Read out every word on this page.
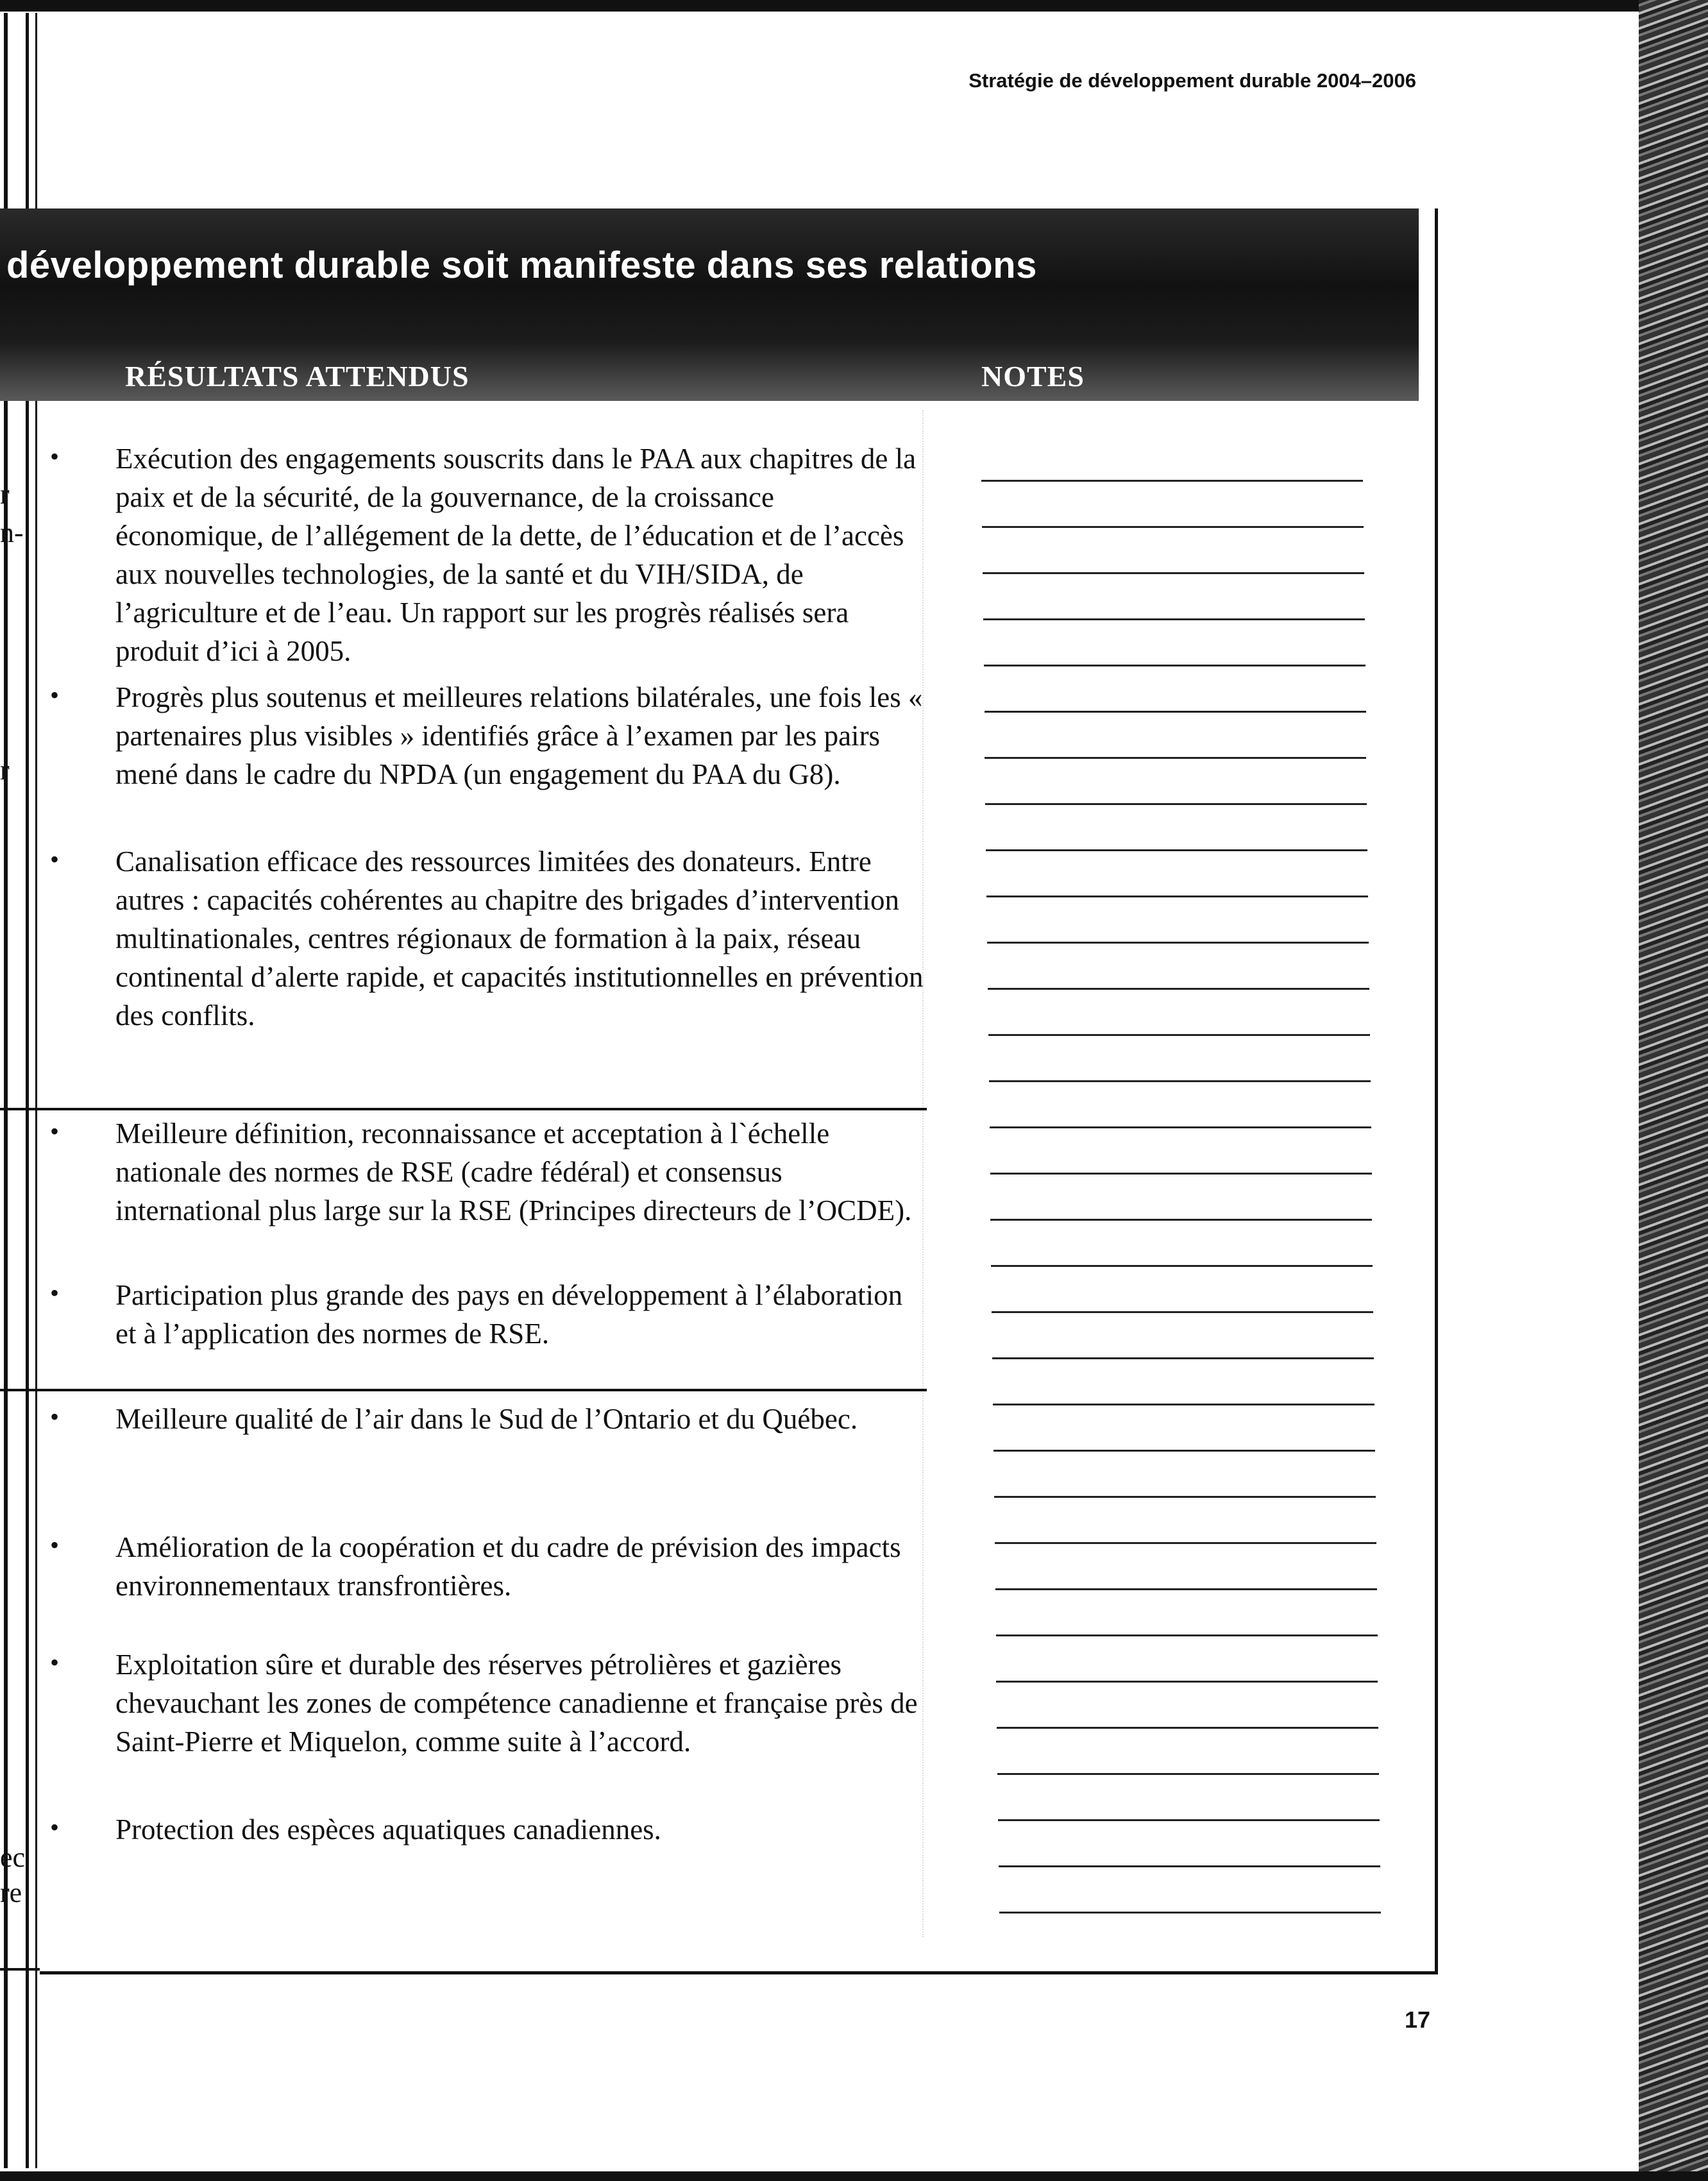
Stratégie de développement durable 2004–2006
développement durable soit manifeste dans ses relations
RÉSULTATS ATTENDUS	NOTES
• Exécution des engagements souscrits dans le PAA aux chapitres de la paix et de la sécurité, de la gouvernance, de la croissance économique, de l’allégement de la dette, de l’éducation et de l’accès aux nouvelles technologies, de la santé et du VIH/SIDA, de l’agriculture et de l’eau. Un rapport sur les progrès réalisés sera produit d’ici à 2005.
• Progrès plus soutenus et meilleures relations bilatérales, une fois les « partenaires plus visibles » identifiés grâce à l’examen par les pairs mené dans le cadre du NPDA (un engagement du PAA du G8).
• Canalisation efficace des ressources limitées des donateurs. Entre autres : capacités cohérentes au chapitre des brigades d’intervention multinationales, centres régionaux de formation à la paix, réseau continental d’alerte rapide, et capacités institutionnelles en prévention des conflits.
• Meilleure définition, reconnaissance et acceptation à l`échelle nationale des normes de RSE (cadre fédéral) et consensus international plus large sur la RSE (Principes directeurs de l’OCDE).
• Participation plus grande des pays en développement à l’élaboration et à l’application des normes de RSE.
• Meilleure qualité de l’air dans le Sud de l’Ontario et du Québec.
• Amélioration de la coopération et du cadre de prévision des impacts environnementaux transfrontières.
• Exploitation sûre et durable des réserves pétrolières et gazières chevauchant les zones de compétence canadienne et française près de Saint-Pierre et Miquelon, comme suite à l’accord.
• Protection des espèces aquatiques canadiennes.
r
n-
r
ec
re
17
